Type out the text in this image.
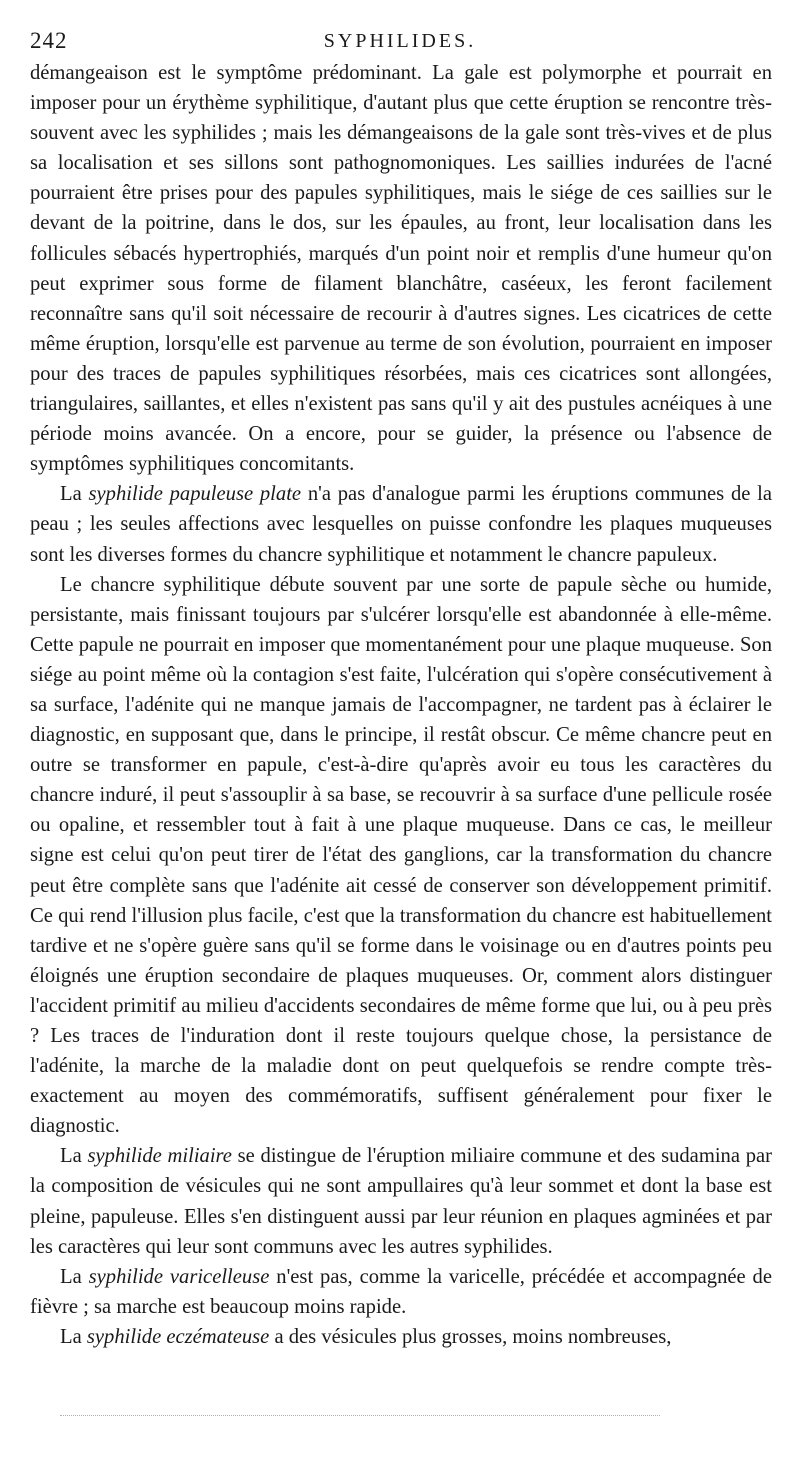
242	SYPHILIDES.

démangeaison est le symptôme prédominant. La gale est polymorphe et pourrait en imposer pour un érythème syphilitique, d'autant plus que cette éruption se rencontre très-souvent avec les syphilides ; mais les démangeaisons de la gale sont très-vives et de plus sa localisation et ses sillons sont pathognomoniques. Les saillies indurées de l'acné pourraient être prises pour des papules syphilitiques, mais le siége de ces saillies sur le devant de la poitrine, dans le dos, sur les épaules, au front, leur localisation dans les follicules sébacés hypertrophiés, marqués d'un point noir et remplis d'une humeur qu'on peut exprimer sous forme de filament blanchâtre, caséeux, les feront facilement reconnaître sans qu'il soit nécessaire de recourir à d'autres signes. Les cicatrices de cette même éruption, lorsqu'elle est parvenue au terme de son évolution, pourraient en imposer pour des traces de papules syphilitiques résorbées, mais ces cicatrices sont allongées, triangulaires, saillantes, et elles n'existent pas sans qu'il y ait des pustules acnéiques à une période moins avancée. On a encore, pour se guider, la présence ou l'absence de symptômes syphilitiques concomitants.

La syphilide papuleuse plate n'a pas d'analogue parmi les éruptions communes de la peau ; les seules affections avec lesquelles on puisse confondre les plaques muqueuses sont les diverses formes du chancre syphilitique et notamment le chancre papuleux.

Le chancre syphilitique débute souvent par une sorte de papule sèche ou humide, persistante, mais finissant toujours par s'ulcérer lorsqu'elle est abandonnée à elle-même. Cette papule ne pourrait en imposer que momentanément pour une plaque muqueuse. Son siége au point même où la contagion s'est faite, l'ulcération qui s'opère consécutivement à sa surface, l'adénite qui ne manque jamais de l'accompagner, ne tardent pas à éclairer le diagnostic, en supposant que, dans le principe, il restât obscur. Ce même chancre peut en outre se transformer en papule, c'est-à-dire qu'après avoir eu tous les caractères du chancre induré, il peut s'assouplir à sa base, se recouvrir à sa surface d'une pellicule rosée ou opaline, et ressembler tout à fait à une plaque muqueuse. Dans ce cas, le meilleur signe est celui qu'on peut tirer de l'état des ganglions, car la transformation du chancre peut être complète sans que l'adénite ait cessé de conserver son développement primitif. Ce qui rend l'illusion plus facile, c'est que la transformation du chancre est habituellement tardive et ne s'opère guère sans qu'il se forme dans le voisinage ou en d'autres points peu éloignés une éruption secondaire de plaques muqueuses. Or, comment alors distinguer l'accident primitif au milieu d'accidents secondaires de même forme que lui, ou à peu près ? Les traces de l'induration dont il reste toujours quelque chose, la persistance de l'adénite, la marche de la maladie dont on peut quelquefois se rendre compte très-exactement au moyen des commémoratifs, suffisent généralement pour fixer le diagnostic.

La syphilide miliaire se distingue de l'éruption miliaire commune et des sudamina par la composition de vésicules qui ne sont ampullaires qu'à leur sommet et dont la base est pleine, papuleuse. Elles s'en distinguent aussi par leur réunion en plaques agminées et par les caractères qui leur sont communs avec les autres syphilides.

La syphilide varicelleuse n'est pas, comme la varicelle, précédée et accompagnée de fièvre ; sa marche est beaucoup moins rapide.

La syphilide eczémateuse a des vésicules plus grosses, moins nombreuses,
